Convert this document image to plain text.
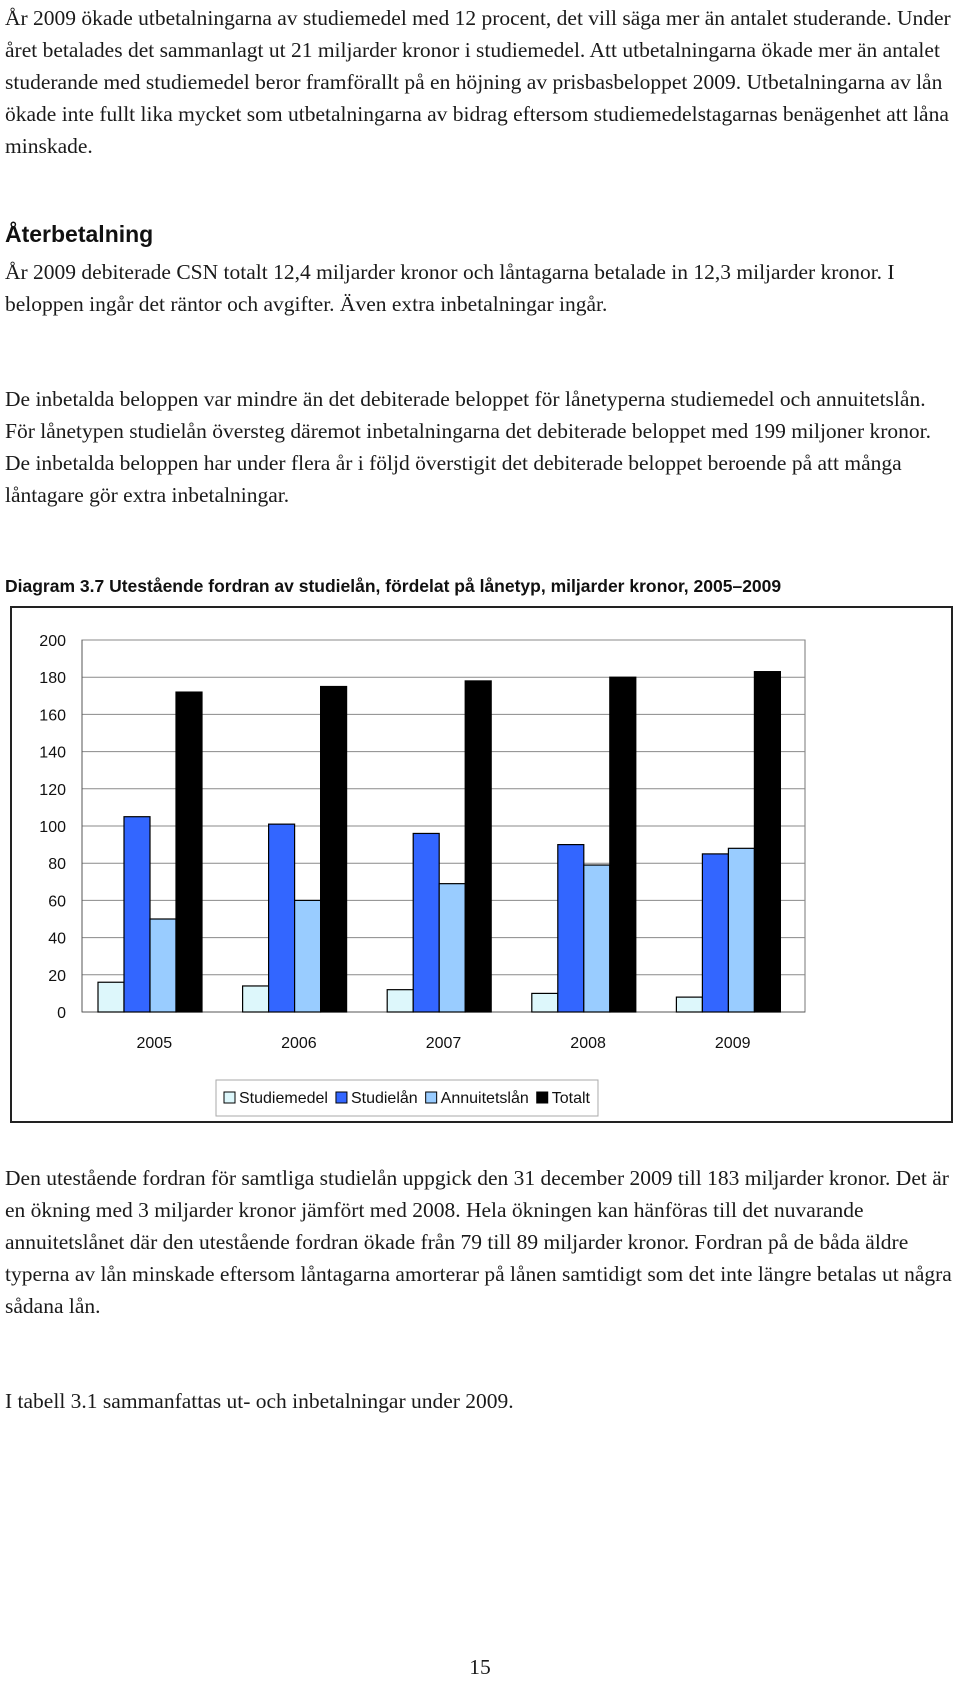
År 2009 ökade utbetalningarna av studiemedel med 12 procent, det vill säga mer än antalet studerande. Under året betalades det sammanlagt ut 21 miljarder kronor i studiemedel. Att utbetalningarna ökade mer än antalet studerande med studiemedel beror framförallt på en höjning av prisbasbeloppet 2009. Utbetalningarna av lån ökade inte fullt lika mycket som utbetalningarna av bidrag eftersom studiemedelstagarnas benägenhet att låna minskade.

Återbetalning

År 2009 debiterade CSN totalt 12,4 miljarder kronor och låntagarna betalade in 12,3 miljarder kronor. I beloppen ingår det räntor och avgifter. Även extra inbetalningar ingår.

De inbetalda beloppen var mindre än det debiterade beloppet för lånetyperna studiemedel och annuitetslån. För lånetypen studielån översteg däremot inbetalningarna det debiterade beloppet med 199 miljoner kronor. De inbetalda beloppen har under flera år i följd överstigit det debiterade beloppet beroende på att många låntagare gör extra inbetalningar.

Diagram 3.7 Utestående fordran av studielån, fördelat på lånetyp, miljarder kronor, 2005–2009

0
20
40
60
80
100
120
140
160
180
200
2005	2006	2007	2008	2009
Studiemedel Studielån Annuitetslån Totalt

Den utestående fordran för samtliga studielån uppgick den 31 december 2009 till 183 miljarder kronor. Det är en ökning med 3 miljarder kronor jämfört med 2008. Hela ökningen kan hänföras till det nuvarande annuitetslånet där den utestående fordran ökade från 79 till 89 miljarder kronor. Fordran på de båda äldre typerna av lån minskade eftersom låntagarna amorterar på lånen samtidigt som det inte längre betalas ut några sådana lån.

I tabell 3.1 sammanfattas ut- och inbetalningar under 2009.

15
